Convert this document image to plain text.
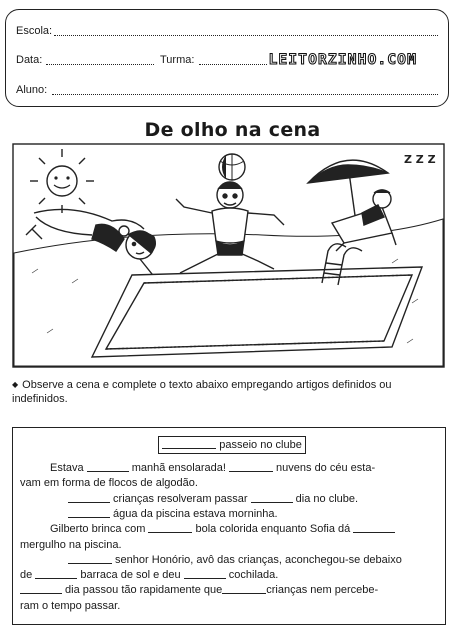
Escola:
Data:	Turma:	LEITORZINHO.COM
Aluno:
De olho na cena
Z Z Z
◆ Observe a cena e complete o texto abaixo empregando artigos definidos ou indefinidos.
passeio no clube
Estava	manhã ensolarada!	nuvens do céu esta-
vam em forma de flocos de algodão.
crianças resolveram passar	dia no clube.
água da piscina estava morninha.
Gilberto brinca com	bola colorida enquanto Sofia dá
mergulho na piscina.
senhor Honório, avô das crianças, aconchegou-se debaixo
de	barraca de sol e deu	cochilada.
dia passou tão rapidamente que	crianças nem percebe-
ram o tempo passar.
